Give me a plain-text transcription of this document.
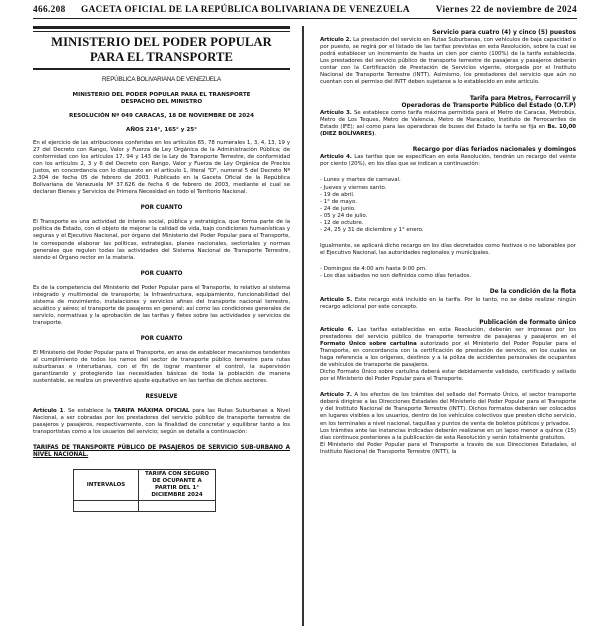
466.208	GACETA OFICIAL DE LA REPÚBLICA BOLIVARIANA DE VENEZUELA	Viernes 22 de noviembre de 2024
MINISTERIO DEL PODER POPULAR
PARA EL TRANSPORTE
REPÚBLICA BOLIVARIANA DE VENEZUELA
MINISTERIO DEL PODER POPULAR PARA EL TRANSPORTE
DESPACHO DEL MINISTRO
RESOLUCIÓN Nº 049 CARACAS, 18 DE NOVIEMBRE DE 2024
AÑOS 214°, 165° y 25°

En el ejercicio de las atribuciones conferidas en los artículos 65, 78 numerales 1, 3, 4, 13, 19 y 27 del Decreto con Rango, Valor y Fuerza de Ley Orgánica de la Administración Pública; de conformidad con los artículos 17, 94 y 143 de la Ley de Transporte Terrestre, de conformidad con los artículos 2, 3 y 6 del Decreto con Rango, Valor y Fuerza de Ley Orgánica de Precios Justos, en concordancia con lo dispuesto en el artículo 1, literal "D", numeral 5 del Decreto Nº 2.304 de fecha 05 de febrero de 2003. Publicado en la Gaceta Oficial de la República Bolivariana de Venezuela Nº 37.626 de fecha 6 de febrero de 2003, mediante el cual se declaran Bienes y Servicios de Primera Necesidad en todo el Territorio Nacional.

POR CUANTO

El Transporte es una actividad de interés social, pública y estratégica, que forma parte de la política de Estado, con el objeto de mejorar la calidad de vida, bajo condiciones humanísticas y seguras y el Ejecutivo Nacional, por órgano del Ministerio del Poder Popular para el Transporte, le corresponde elaborar las políticas, estrategias, planes nacionales, sectoriales y normas generales que regulen todas las actividades del Sistema Nacional de Transporte Terrestre, siendo el Órgano rector en la materia.

POR CUANTO

Es de la competencia del Ministerio del Poder Popular para el Transporte, lo relativo al sistema integrado y multimodal de transporte; la Infraestructura, equipamiento, funcionabilidad del sistema de movimiento, instalaciones y servicios afines del transporte nacional terrestre, acuático y aéreo; el transporte de pasajeros en general; así como las condiciones generales de servicio, normativas y la aprobación de las tarifas y fletes sobre las actividades y servicios de transporte.

POR CUANTO

El Ministerio del Poder Popular para el Transporte, en aras de establecer mecanismos tendentes al cumplimiento de todos los ramos del sector de transporte público terrestre para rutas suburbanas e interurbanas, con el fin de lograr mantener el control, la supervisión garantizando y protegiendo las necesidades básicas de toda la población de manera sustentable, se realiza un preventivo ajuste equitativo en las tarifas de dichos sectores.

RESUELVE

Artículo 1. Se establece la TARIFA MÁXIMA OFICIAL para las Rutas Suburbanas a Nivel Nacional, a ser cobradas por los prestadores del servicio público de transporte terrestre de pasajeros y pasajeros, respectivamente, con la finalidad de concretar y equilibrar tanto a los transportistas como a los usuarios del servicio; según se detalla a continuación:

TARIFAS DE TRANSPORTE PÚBLICO DE PASAJEROS DE SERVICIO SUB-URBANO A NIVEL NACIONAL.

INTERVALOS	TARIFA CON SEGURO DE OCUPANTE A PARTIR DEL 1° DICIEMBRE 2024

Servicio para cuatro (4) y cinco (5) puestos

Artículo 2. La prestación del servicio en Rutas Suburbanas, con vehículos de baja capacidad o por puesto, se regirá por el listado de las tarifas previstas en esta Resolución, sobre la cual se podrá establecer un incremento de hasta un cien por ciento (100%) de la tarifa establecida. Los prestadores del servicio público de transporte terrestre de pasajeras y pasajeros deberán contar con la Certificación de Prestación de Servicios vigente, otorgada por el Instituto Nacional de Transporte Terrestre (INTT). Asimismo, los prestadores del servicio que aún no cuentan con el permiso del INTT deben sujetarse a lo establecido en este artículo.

Tarifa para Metros, Ferrocarril y
Operadoras de Transporte Público del Estado (O.T.P)

Artículo 3. Se establece como tarifa máxima permitida para el Metro de Caracas, Metrobús, Metro de Los Teques, Metro de Valencia, Metro de Maracaibo, Instituto de Ferrocarriles de Estado (IFE); así como para las operadoras de buses del Estado la tarifa se fija en Bs. 10,00 (DIEZ BOLÍVARES).

Recargo por días feriados nacionales y domingos

Artículo 4. Las tarifas que se especifican en esta Resolución, tendrán un recargo del veinte por ciento (20%), en los días que se indican a continuación:

- Lunes y martes de carnaval.
- Jueves y viernes santo.
- 19 de abril.
- 1° de mayo.
- 24 de junio.
- 05 y 24 de julio.
- 12 de octubre.
- 24, 25 y 31 de diciembre y 1° enero.

Igualmente, se aplicará dicho recargo en los días decretados como festivos o no laborables por el Ejecutivo Nacional, las autoridades regionales y municipales.

- Domingos de 4:00 am hasta 9:00 pm.
- Los días sábados no son definidos como días feriados.
De la condición de la flota

Artículo 5. Este recargo está incluido en la tarifa. Por lo tanto, no se debe realizar ningún recargo adicional por este concepto.

Publicación de formato único

Artículo 6. Las tarifas establecidas en esta Resolución, deberán ser impresas por los prestadores del servicio público de transporte terrestre de pasajeras y pasajeros en el Formato Único sobre cartulina autorizado por el Ministerio del Poder Popular para el Transporte, en concordancia con la certificación de prestación de servicio, en los cuales se haga referencia a los orígenes, destinos y a la póliza de accidentes personales de ocupantes de vehículos de transporte de pasajeros.

Dicho Formato Único sobre cartulina deberá estar debidamente validado, certificado y sellado por el Ministerio del Poder Popular para el Transporte.

Artículo 7. A los efectos de los trámites del sellado del Formato Único, el sector transporte deberá dirigirse a las Direcciones Estadales del Ministerio del Poder Popular para el Transporte y del Instituto Nacional de Transporte Terrestre (INTT). Dichos formatos deberán ser colocados en lugares visibles a los usuarios, dentro de los vehículos colectivos que presten dicho servicio, en los terminales a nivel nacional, taquillas y puntos de venta de boletos públicos y privados.

Los trámites ante las instancias indicadas deberán realizarse en un lapso menor a quince (15) días continuos posteriores a la publicación de esta Resolución y serán totalmente gratuitos.

El Ministerio del Poder Popular para el Transporte a través de sus Direcciones Estadales, el Instituto Nacional de Transporte Terrestre (INTT), la
